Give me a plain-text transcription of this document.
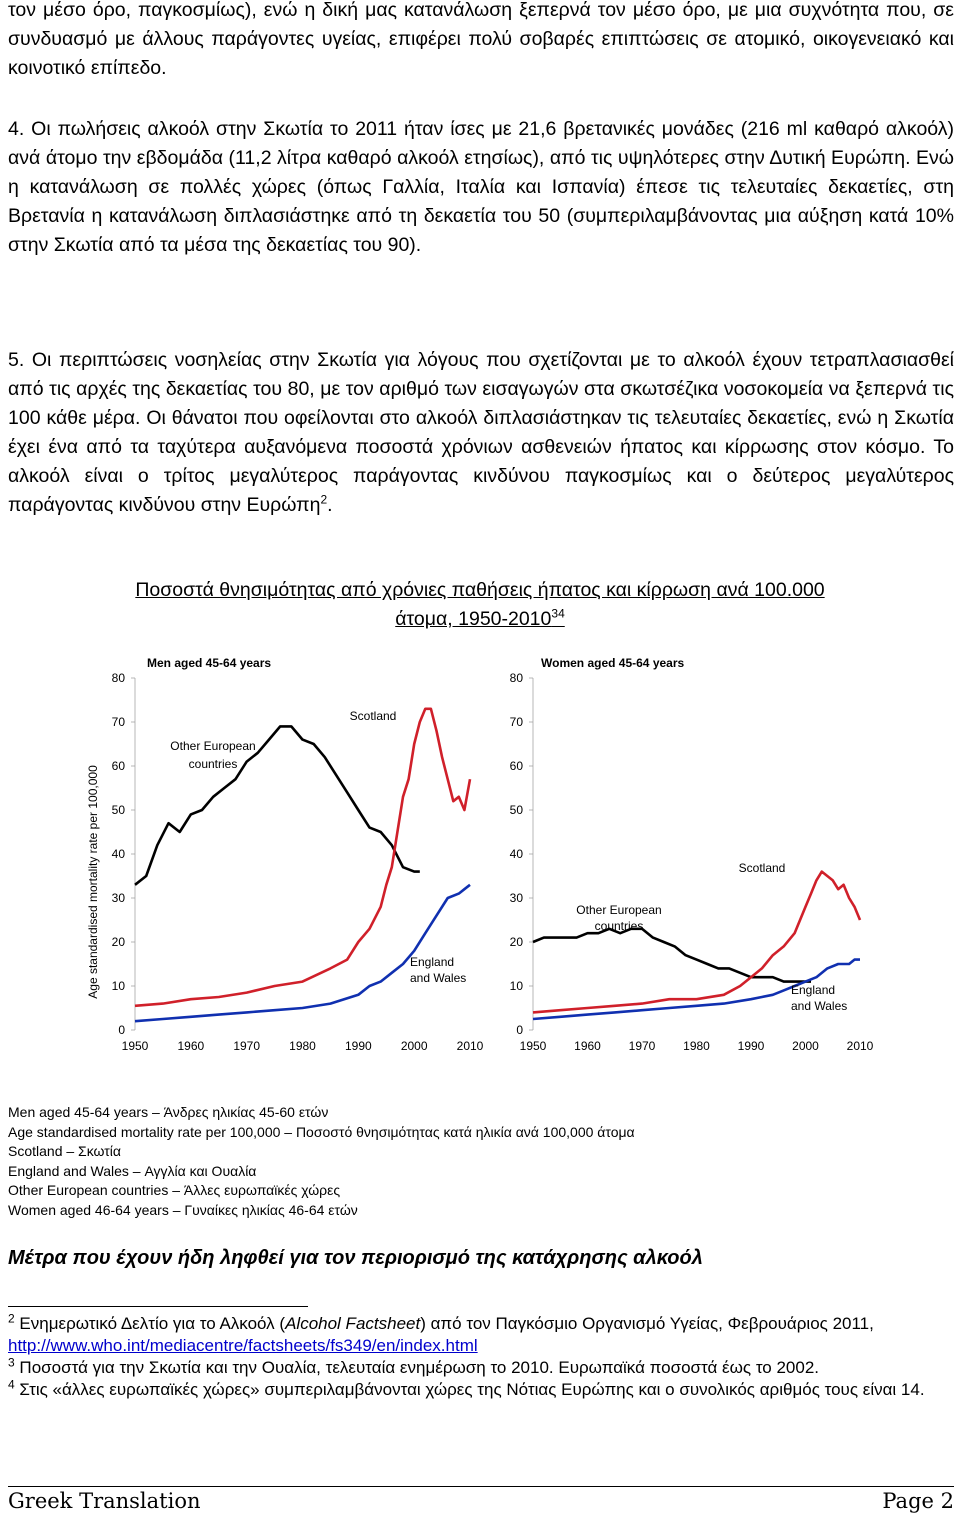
τον μέσο όρο, παγκοσμίως), ενώ η δική μας κατανάλωση ξεπερνά τον μέσο όρο, με μια συχνότητα που, σε συνδυασμό με άλλους παράγοντες υγείας, επιφέρει πολύ σοβαρές επιπτώσεις σε ατομικό, οικογενειακό και κοινοτικό επίπεδο.
4. Οι πωλήσεις αλκοόλ στην Σκωτία το 2011 ήταν ίσες με 21,6 βρετανικές μονάδες (216 ml καθαρό αλκοόλ) ανά άτομο την εβδομάδα (11,2 λίτρα καθαρό αλκοόλ ετησίως), από τις υψηλότερες στην Δυτική Ευρώπη. Ενώ η κατανάλωση σε πολλές χώρες (όπως Γαλλία, Ιταλία και Ισπανία) έπεσε τις τελευταίες δεκαετίες, στη Βρετανία η κατανάλωση διπλασιάστηκε από τη δεκαετία του 50 (συμπεριλαμβάνοντας μια αύξηση κατά 10% στην Σκωτία από τα μέσα της δεκαετίας του 90).
5. Οι περιπτώσεις νοσηλείας στην Σκωτία για λόγους που σχετίζονται με το αλκοόλ έχουν τετραπλασιασθεί από τις αρχές της δεκαετίας του 80, με τον αριθμό των εισαγωγών στα σκωτσέζικα νοσοκομεία να ξεπερνά τις 100 κάθε μέρα. Οι θάνατοι που οφείλονται στο αλκοόλ διπλασιάστηκαν τις τελευταίες δεκαετίες, ενώ η Σκωτία έχει ένα από τα ταχύτερα αυξανόμενα ποσοστά χρόνιων ασθενειών ήπατος και κίρρωσης στον κόσμο. Το αλκοόλ είναι ο τρίτος μεγαλύτερος παράγοντας κινδύνου παγκοσμίως και ο δεύτερος μεγαλύτερος παράγοντας κινδύνου στην Ευρώπη$^2$.
Ποσοστά θνησιμότητας από χρόνιες παθήσεις ήπατος και κίρρωση ανά 100.000
άτομα, 1950-2010$^{34}$
0
10
20
30
40
50
60
70
80
1950 1960 1970 1980 1990 2000 2010
Men aged 45-64 years
Age standardised mortality rate per 100,000
Other European
countries
Scotland
England
and Wales
0
10
20
30
40
50
60
70
80
1950 1960 1970 1980 1990 2000 2010
Women aged 45-64 years
Other European
countries
Scotland
England
and Wales
Men aged 45-64 years – Άνδρες ηλικίας 45-60 ετών
Age standardised mortality rate per 100,000 – Ποσοστό θνησιμότητας κατά ηλικία ανά 100,000 άτομα
Scotland – Σκωτία
England and Wales – Αγγλία και Ουαλία
Other European countries – Άλλες ευρωπαϊκές χώρες
Women aged 46-64 years – Γυναίκες ηλικίας 46-64 ετών
Μέτρα που έχουν ήδη ληφθεί για τον περιορισμό της κατάχρησης αλκοόλ
$^2$ Ενημερωτικό Δελτίο για το Αλκοόλ (Alcohol Factsheet) από τον Παγκόσμιο Οργανισμό Υγείας, Φεβρουάριος 2011, http://www.who.int/mediacentre/factsheets/fs349/en/index.html
$^3$ Ποσοστά για την Σκωτία και την Ουαλία, τελευταία ενημέρωση το 2010. Ευρωπαϊκά ποσοστά έως το 2002.
$^4$ Στις «άλλες ευρωπαϊκές χώρες» συμπεριλαμβάνονται χώρες της Νότιας Ευρώπης και ο συνολικός αριθμός τους είναι 14.
Greek Translation	Page 2
